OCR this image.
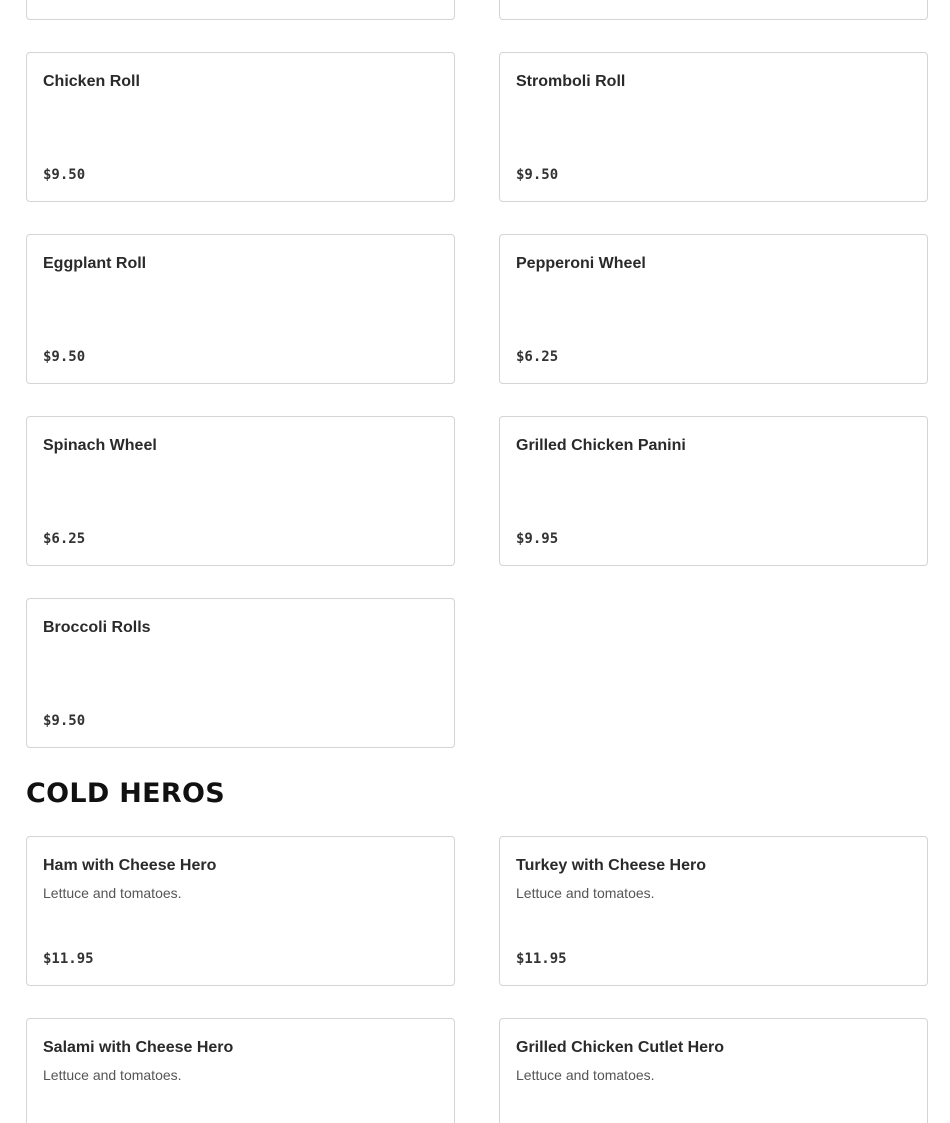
Chicken Roll
$9.50
Stromboli Roll
$9.50
Eggplant Roll
$9.50
Pepperoni Wheel
$6.25
Spinach Wheel
$6.25
Grilled Chicken Panini
$9.95
Broccoli Rolls
$9.50
COLD HEROS
Ham with Cheese Hero
Lettuce and tomatoes.
$11.95
Turkey with Cheese Hero
Lettuce and tomatoes.
$11.95
Salami with Cheese Hero
Lettuce and tomatoes.
Grilled Chicken Cutlet Hero
Lettuce and tomatoes.
